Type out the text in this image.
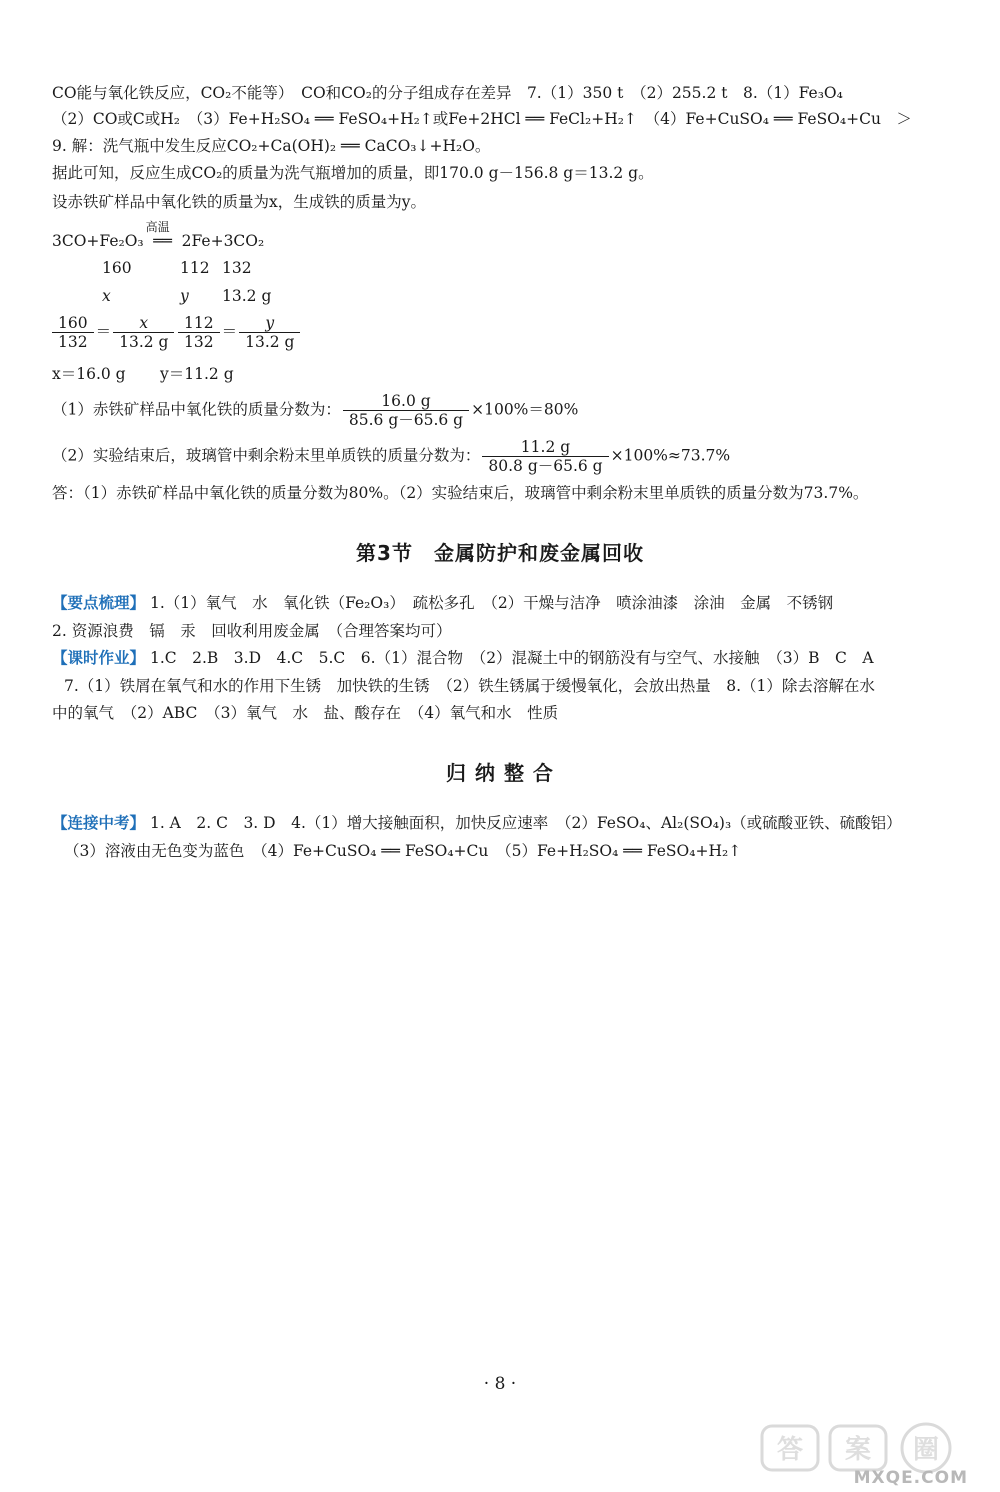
CO能与氧化铁反应，CO₂不能等）　CO和CO₂的分子组成存在差异　7.（1）350 t　（2）255.2 t　8.（1）Fe₃O₄
（2）CO或C或H₂　（3）Fe+H₂SO₄ ══ FeSO₄+H₂↑或Fe+2HCl ══ FeCl₂+H₂↑　（4）Fe+CuSO₄ ══ FeSO₄+Cu　＞
9. 解：洗气瓶中发生反应CO₂+Ca(OH)₂ ══ CaCO₃↓+H₂O。
据此可知，反应生成CO₂的质量为洗气瓶增加的质量，即170.0 g－156.8 g＝13.2 g。
设赤铁矿样品中氧化铁的质量为x，生成铁的质量为y。
3CO+Fe₂O₃
高温
══ 2Fe+3CO₂
160	112 132
x	y 13.2 g
$\frac{160}{132} = \frac{x}{13.2 g} \frac{112}{132} = \frac{y}{13.2 g}$
x＝16.0 g y＝11.2 g
（1）赤铁矿样品中氧化铁的质量分数为： $\frac{16.0 g}{85.6 g-65.6 g} \times 100\%=80\%$
（2）实验结束后，玻璃管中剩余粉末里单质铁的质量分数为： $\frac{11.2 g}{80.8 g-65.6 g} \times 100\%\approx 73.7\%$
答：（1）赤铁矿样品中氧化铁的质量分数为80%。（2）实验结束后，玻璃管中剩余粉末里单质铁的质量分数为73.7%。
第3节　金属防护和废金属回收
【要点梳理】 1.（1）氧气　水　氧化铁（Fe₂O₃）　疏松多孔　（2）干燥与洁净　喷涂油漆　涂油　金属　不锈钢
2. 资源浪费　镉　汞　回收利用废金属　（合理答案均可）
【课时作业】 1.C　2.B　3.D　4.C　5.C　6.（1）混合物　（2）混凝土中的钢筋没有与空气、水接触　（3）B　C　A
7.（1）铁屑在氧气和水的作用下生锈　加快铁的生锈　（2）铁生锈属于缓慢氧化，会放出热量　8.（1）除去溶解在水
中的氧气　（2）ABC　（3）氧气　水　盐、酸存在　（4）氧气和水　性质
归 纳 整 合
【连接中考】 1. A　2. C　3. D　4.（1）增大接触面积，加快反应速率　（2）FeSO₄、Al₂(SO₄)₃（或硫酸亚铁、硫酸铝）
（3）溶液由无色变为蓝色　（4）Fe+CuSO₄ ══ FeSO₄+Cu　（5）Fe+H₂SO₄ ══ FeSO₄+H₂↑
· 8 ·
答 案 圈
MXQE.COM
